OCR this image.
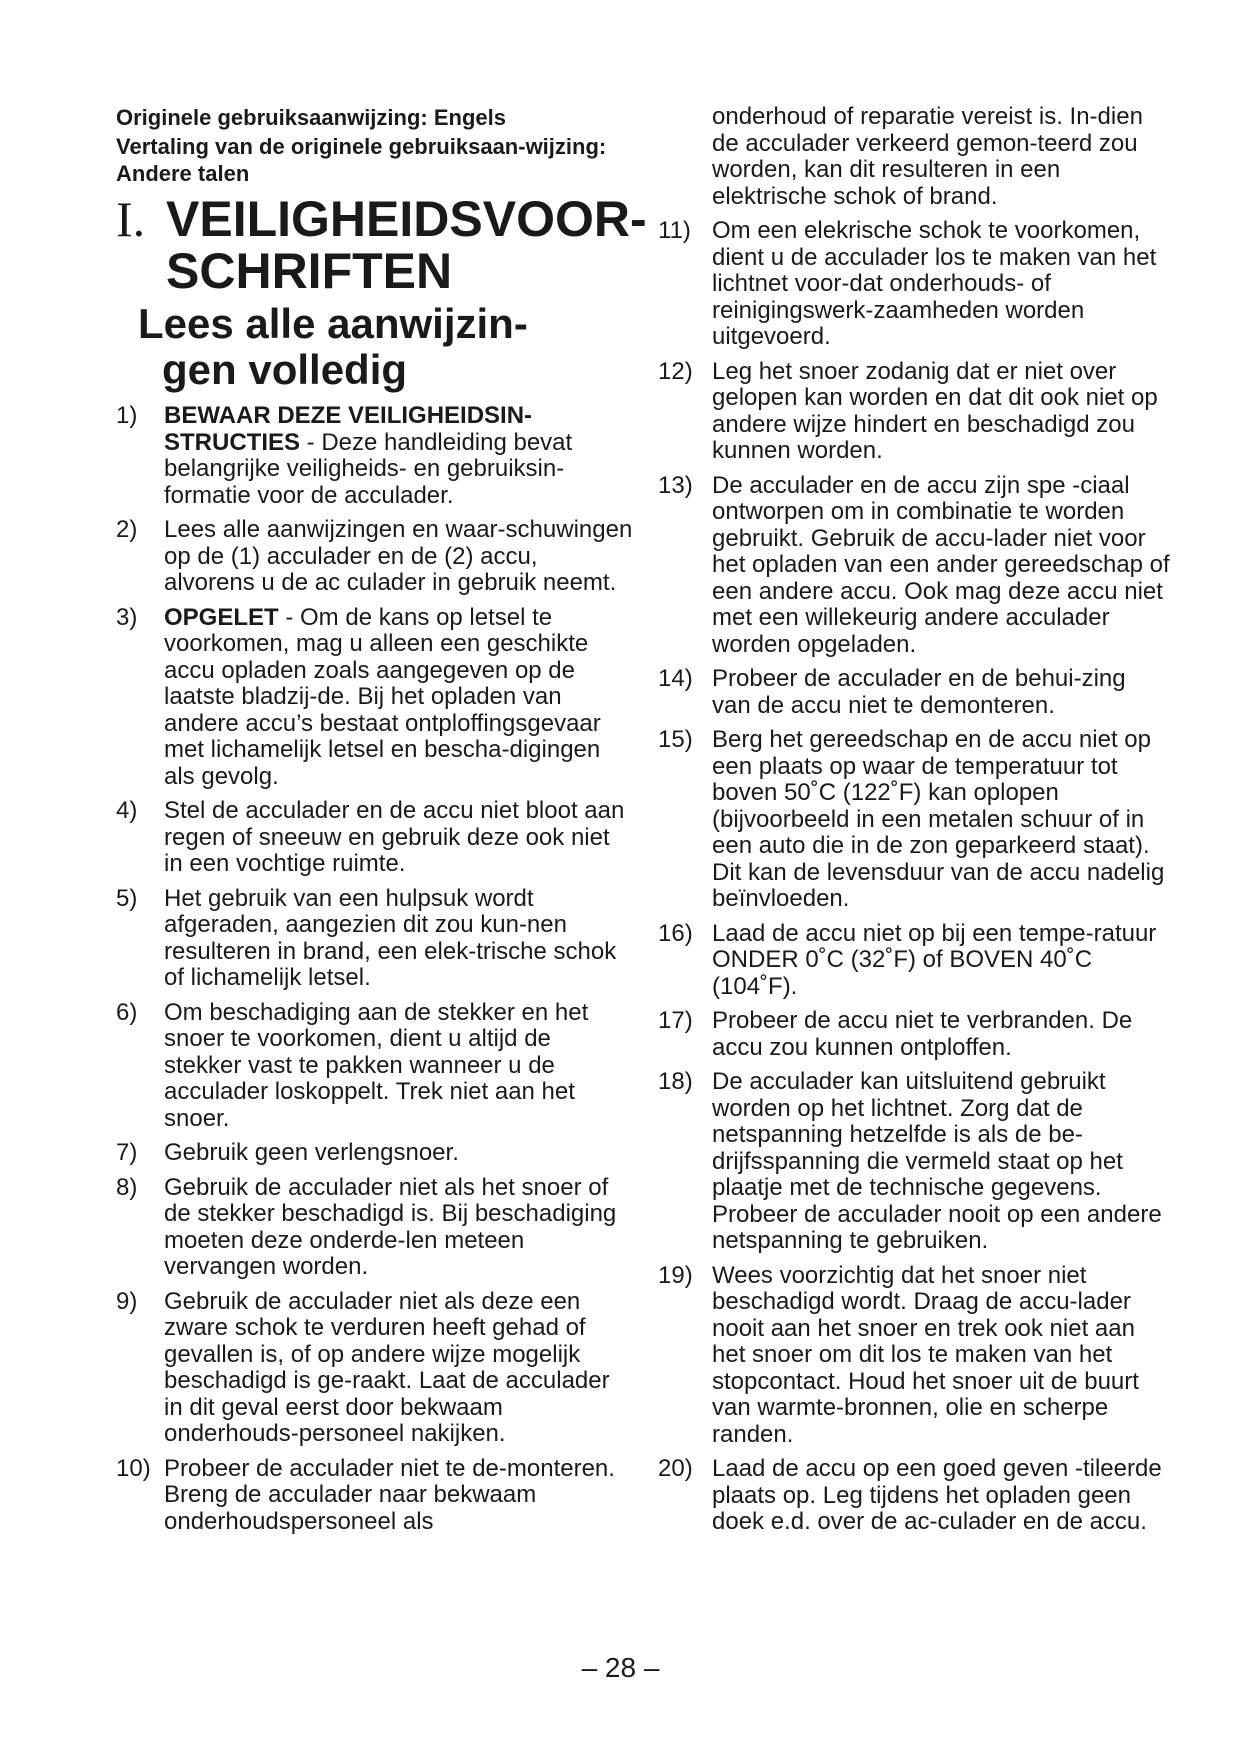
Originele gebruiksaanwijzing: Engels
Vertaling van de originele gebruiksaan-wijzing: Andere talen
I. VEILIGHEIDSVOOR-SCHRIFTEN
Lees alle aanwijzin-
gen volledig
1) BEWAAR DEZE VEILIGHEIDSIN-STRUCTIES - Deze handleiding bevat belangrijke veiligheids- en gebruiksin-formatie voor de acculader.
2) Lees alle aanwijzingen en waar-schuwingen op de (1) acculader en de (2) accu, alvorens u de ac culader in gebruik neemt.
3) OPGELET - Om de kans op letsel te voorkomen, mag u alleen een geschikte accu opladen zoals aangegeven op de laatste bladzij-de. Bij het opladen van andere accu’s bestaat ontploffingsgevaar met lichamelijk letsel en bescha-digingen als gevolg.
4) Stel de acculader en de accu niet bloot aan regen of sneeuw en gebruik deze ook niet in een vochtige ruimte.
5) Het gebruik van een hulpsuk wordt afgeraden, aangezien dit zou kun-nen resulteren in brand, een elek-trische schok of lichamelijk letsel.
6) Om beschadiging aan de stekker en het snoer te voorkomen, dient u altijd de stekker vast te pakken wanneer u de acculader loskoppelt. Trek niet aan het snoer.
7) Gebruik geen verlengsnoer.
8) Gebruik de acculader niet als het snoer of de stekker beschadigd is. Bij beschadiging moeten deze onderde-len meteen vervangen worden.
9) Gebruik de acculader niet als deze een zware schok te verduren heeft gehad of gevallen is, of op andere wijze mogelijk beschadigd is ge-raakt. Laat de acculader in dit geval eerst door bekwaam onderhouds-personeel nakijken.
10) Probeer de acculader niet te de-monteren. Breng de acculader naar bekwaam onderhoudspersoneel als
onderhoud of reparatie vereist is. In-dien de acculader verkeerd gemon-teerd zou worden, kan dit resulteren in een elektrische schok of brand.
11) Om een elekrische schok te voorkomen, dient u de acculader los te maken van het lichtnet voor-dat onderhouds- of reinigingswerk-zaamheden worden uitgevoerd.
12) Leg het snoer zodanig dat er niet over gelopen kan worden en dat dit ook niet op andere wijze hindert en beschadigd zou kunnen worden.
13) De acculader en de accu zijn spe -ciaal ontworpen om in combinatie te worden gebruikt. Gebruik de accu-lader niet voor het opladen van een ander gereedschap of een andere accu. Ook mag deze accu niet met een willekeurig andere acculader worden opgeladen.
14) Probeer de acculader en de behui-zing van de accu niet te demonteren.
15) Berg het gereedschap en de accu niet op een plaats op waar de temperatuur tot boven 50˚C (122˚F) kan oplopen (bijvoorbeeld in een metalen schuur of in een auto die in de zon geparkeerd staat). Dit kan de levensduur van de accu nadelig beïnvloeden.
16) Laad de accu niet op bij een tempe-ratuur ONDER 0˚C (32˚F) of BOVEN 40˚C (104˚F).
17) Probeer de accu niet te verbranden. De accu zou kunnen ontploffen.
18) De acculader kan uitsluitend gebruikt worden op het lichtnet. Zorg dat de netspanning hetzelfde is als de be-drijfsspanning die vermeld staat op het plaatje met de technische gegevens. Probeer de acculader nooit op een andere netspanning te gebruiken.
19) Wees voorzichtig dat het snoer niet beschadigd wordt. Draag de accu-lader nooit aan het snoer en trek ook niet aan het snoer om dit los te maken van het stopcontact. Houd het snoer uit de buurt van warmte-bronnen, olie en scherpe randen.
20) Laad de accu op een goed geven -tileerde plaats op. Leg tijdens het opladen geen doek e.d. over de ac-culader en de accu.
– 28 –
